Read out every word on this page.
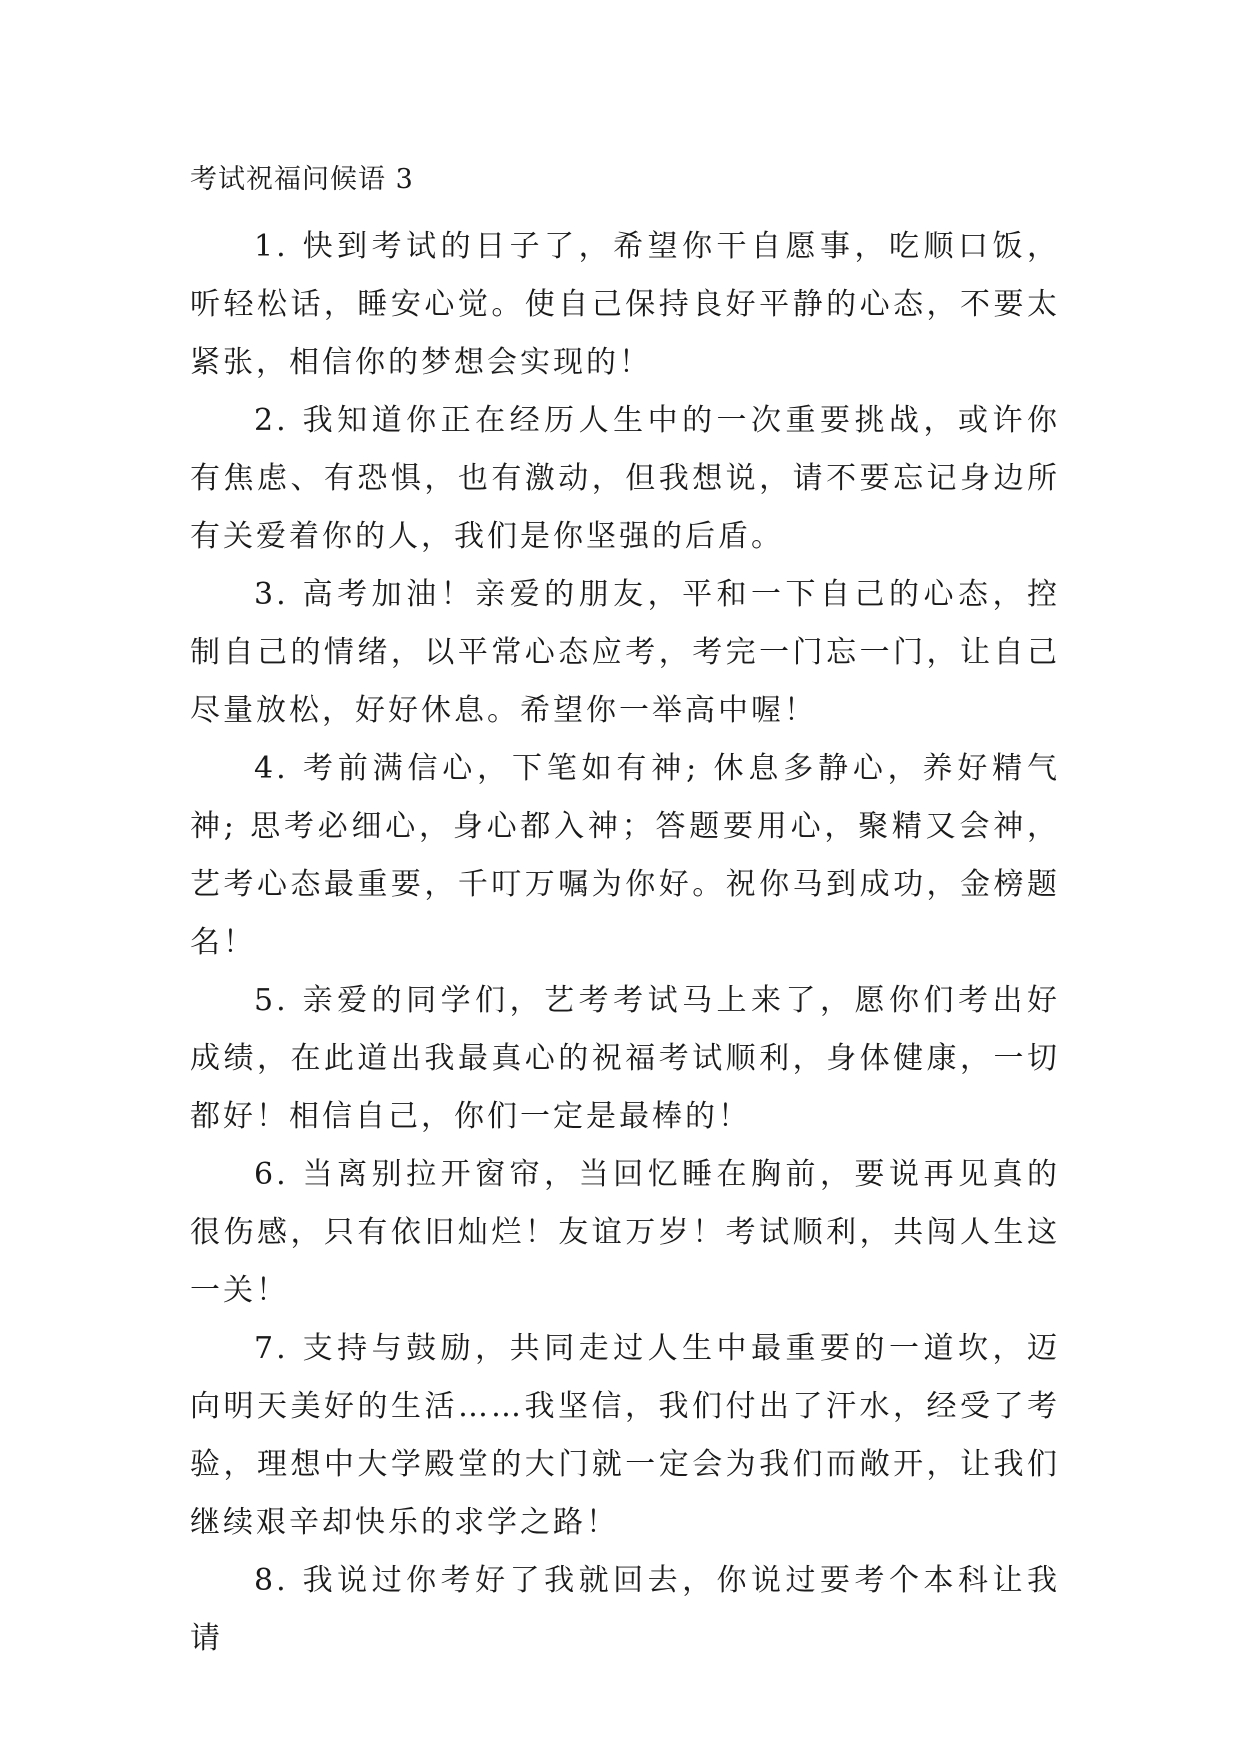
考试祝福问候语 3

1. 快到考试的日子了，希望你干自愿事，吃顺口饭，听轻松话，睡安心觉。使自己保持良好平静的心态，不要太紧张，相信你的梦想会实现的！

2. 我知道你正在经历人生中的一次重要挑战，或许你有焦虑、有恐惧，也有激动，但我想说，请不要忘记身边所有关爱着你的人，我们是你坚强的后盾。

3. 高考加油！亲爱的朋友，平和一下自己的心态，控制自己的情绪，以平常心态应考，考完一门忘一门，让自己尽量放松，好好休息。希望你一举高中喔！

4. 考前满信心，下笔如有神; 休息多静心，养好精气神; 思考必细心，身心都入神；答题要用心，聚精又会神，艺考心态最重要，千叮万嘱为你好。祝你马到成功，金榜题名！

5. 亲爱的同学们，艺考考试马上来了，愿你们考出好成绩，在此道出我最真心的祝福考试顺利，身体健康，一切都好！相信自己，你们一定是最棒的！

6. 当离别拉开窗帘，当回忆睡在胸前，要说再见真的很伤感，只有依旧灿烂！友谊万岁！考试顺利，共闯人生这一关！

7. 支持与鼓励，共同走过人生中最重要的一道坎，迈向明天美好的生活……我坚信，我们付出了汗水，经受了考验，理想中大学殿堂的大门就一定会为我们而敞开，让我们继续艰辛却快乐的求学之路！

8. 我说过你考好了我就回去，你说过要考个本科让我请
